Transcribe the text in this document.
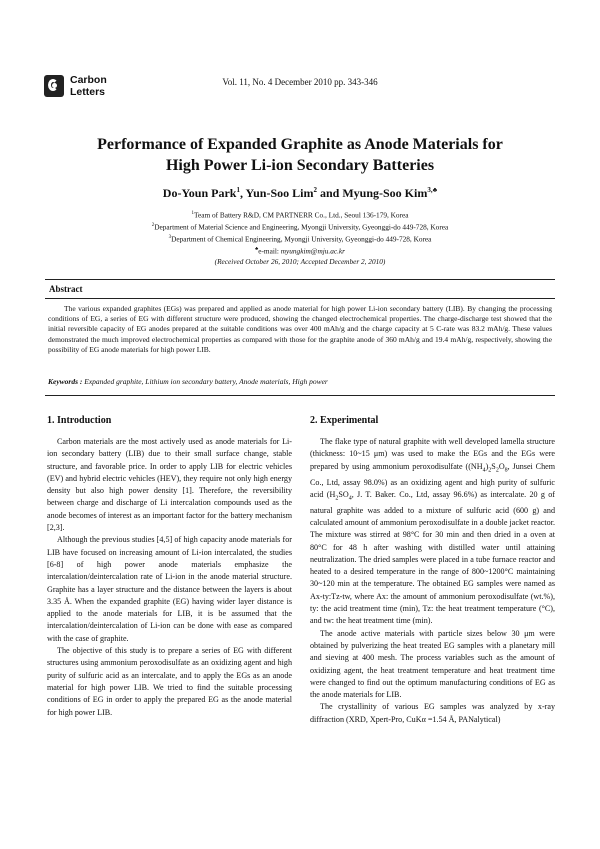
Carbon
Letters
Vol. 11, No. 4 December 2010 pp. 343-346
Performance of Expanded Graphite as Anode Materials for
High Power Li-ion Secondary Batteries
Do-Youn Park$^1$, Yun-Soo Lim$^2$ and Myung-Soo Kim$^{3,♣}$
$^1$Team of Battery R&D, CM PARTNERR Co., Ltd., Seoul 136-179, Korea
$^2$Department of Material Science and Engineering, Myongji University, Gyeonggi-do 449-728, Korea
$^3$Department of Chemical Engineering, Myongji University, Gyeonggi-do 449-728, Korea
♣e-mail: myungkim@mju.ac.kr
(Received October 26, 2010; Accepted December 2, 2010)
Abstract
The various expanded graphites (EGs) was prepared and applied as anode material for high power Li-ion secondary battery (LIB). By changing the processing conditions of EG, a series of EG with different structure were produced, showing the changed electrochemical properties. The charge-discharge test showed that the initial reversible capacity of EG anodes prepared at the suitable conditions was over 400 mAh/g and the charge capacity at 5 C-rate was 83.2 mAh/g. These values demonstrated the much improved electrochemical properties as compared with those for the graphite anode of 360 mAh/g and 19.4 mAh/g, respectively, showing the possibility of EG anode materials for high power LIB.
Keywords : Expanded graphite, Lithium ion secondary battery, Anode materials, High power
1. Introduction

Carbon materials are the most actively used as anode materials for Li-ion secondary battery (LIB) due to their small surface change, stable structure, and favorable price. In order to apply LIB for electric vehicles (EV) and hybrid electric vehicles (HEV), they require not only high energy density but also high power density [1]. Therefore, the reversibility between charge and discharge of Li intercalation compounds used as the anode becomes of interest as an important factor for the battery mechanism [2,3].

Although the previous studies [4,5] of high capacity anode materials for LIB have focused on increasing amount of Li-ion intercalated, the studies [6-8] of high power anode materials emphasize the intercalation/deintercalation rate of Li-ion in the anode material structure. Graphite has a layer structure and the distance between the layers is about 3.35 Å. When the expanded graphite (EG) having wider layer distance is applied to the anode materials for LIB, it is be assumed that the intercalation/deintercalation of Li-ion can be done with ease as compared with the case of graphite.

The objective of this study is to prepare a series of EG with different structures using ammonium peroxodisulfate as an oxidizing agent and high purity of sulfuric acid as an intercalate, and to apply the EGs as an anode material for high power LIB. We tried to find the suitable processing conditions of EG in order to apply the prepared EG as the anode material for high power LIB.

2. Experimental

The flake type of natural graphite with well developed lamella structure (thickness: 10~15 μm) was used to make the EGs and the EGs were prepared by using ammonium peroxodisulfate ($(NH_4)_2S_2O_8$, Junsei Chem Co., Ltd, assay 98.0%) as an oxidizing agent and high purity of sulfuric acid ($H_2SO_4$, J. T. Baker. Co., Ltd, assay 96.6%) as intercalate. 20 g of natural graphite was added to a mixture of sulfuric acid (600 g) and calculated amount of ammonium peroxodisulfate in a double jacket reactor. The mixture was stirred at 98°C for 30 min and then dried in a oven at 80°C for 48 h after washing with distilled water until attaining neutralization. The dried samples were placed in a tube furnace reactor and heated to a desired temperature in the range of 800~1200°C maintaining 30~120 min at the temperature. The obtained EG samples were named as Ax-ty:Tz-tw, where Ax: the amount of ammonium peroxodisulfate (wt.%), ty: the acid treatment time (min), Tz: the heat treatment temperature (°C), and tw: the heat treatment time (min).

The anode active materials with particle sizes below 30 μm were obtained by pulverizing the heat treated EG samples with a planetary mill and sieving at 400 mesh. The process variables such as the amount of oxidizing agent, the heat treatment temperature and heat treatment time were changed to find out the optimum manufacturing conditions of EG as the anode materials for LIB.

The crystallinity of various EG samples was analyzed by x-ray diffraction (XRD, Xpert-Pro, CuKα =1.54 Å, PANalytical)
